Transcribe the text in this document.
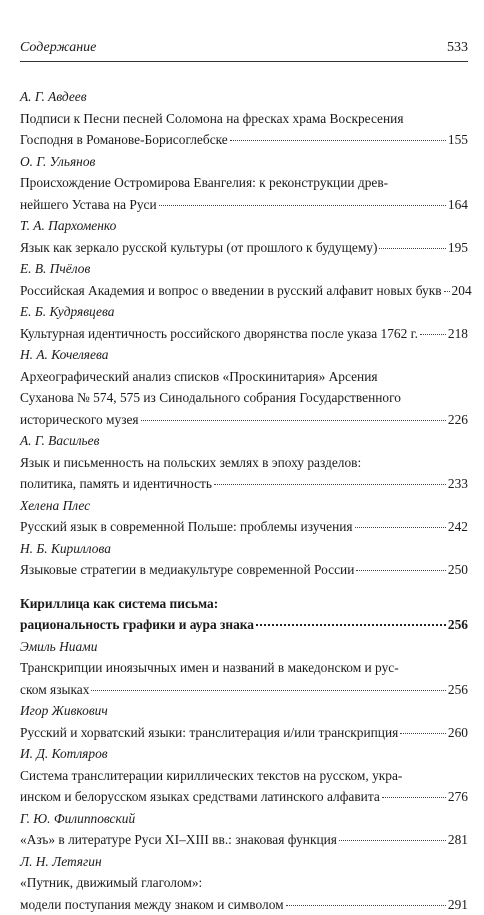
Содержание	533
А. Г. Авдеев
Подписи к Песни песней Соломона на фресках храма Воскресения
Господня в Романове-Борисоглебске	155
О. Г. Ульянов
Происхождение Остромирова Евангелия: к реконструкции древ-
нейшего Устава на Руси	164
Т. А. Пархоменко
Язык как зеркало русской культуры (от прошлого к будущему)	195
Е. В. Пчёлов
Российская Академия и вопрос о введении в русский алфавит новых букв 204
Е. Б. Кудрявцева
Культурная идентичность российского дворянства после указа 1762 г. 218
Н. А. Кочеляева
Археографический анализ списков «Проскинитария» Арсения
Суханова № 574, 575 из Синодального собрания Государственного
исторического музея	226
А. Г. Васильев
Язык и письменность на польских землях в эпоху разделов:
политика, память и идентичность	233
Хелена Плес
Русский язык в современной Польше: проблемы изучения	242
Н. Б. Кириллова
Языковые стратегии в медиакультуре современной России	250
Кириллица как система письма:
рациональность графики и аура знака	256
Эмиль Ниами
Транскрипции иноязычных имен и названий в македонском и рус-
ском языках	256
Игор Живкович
Русский и хорватский языки: транслитерация и/или транскрипция	260
И. Д. Котляров
Система транслитерации кириллических текстов на русском, укра-
инском и белорусском языках средствами латинского алфавита	276
Г. Ю. Филипповский
«Азъ» в литературе Руси XI–XIII вв.: знаковая функция	281
Л. Н. Летягин
«Путник, движимый глаголом»:
модели поступания между знаком и символом	291
